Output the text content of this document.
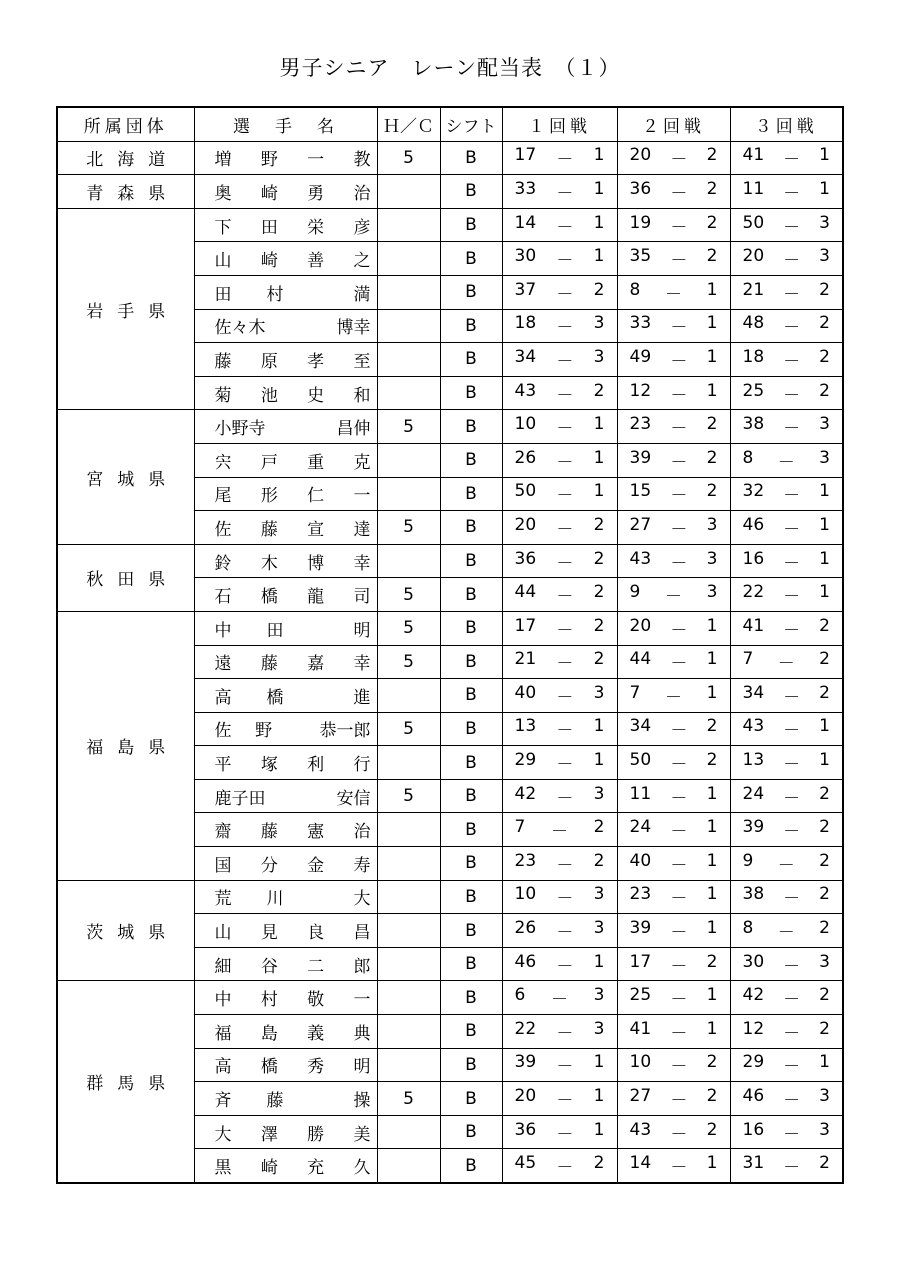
男子シニア　レーン配当表　（１）
所属団体	選　手　名	Ｈ／Ｃ	シフト	１回戦	２回戦	３回戦
北海道	増 野 一 教	5	B	17 － 1	20 － 2	41 － 1

青森県	奥 崎 勇 治		B	33 － 1	36 － 2	11 － 1

岩手県	下 田 栄 彦		B	14 － 1	19 － 2	50 － 3

	山 崎 善 之		B	30 － 1	35 － 2	20 － 3

	田 村 満		B	37 － 2	8 － 1	21 － 2

	佐々木 博幸		B	18 － 3	33 － 1	48 － 2

	藤 原 孝 至		B	34 － 3	49 － 1	18 － 2

	菊 池 史 和		B	43 － 2	12 － 1	25 － 2

宮城県	小野寺 昌伸	5	B	10 － 1	23 － 2	38 － 3

	宍 戸 重 克		B	26 － 1	39 － 2	8 － 3

	尾 形 仁 一		B	50 － 1	15 － 2	32 － 1

	佐 藤 宣 達	5	B	20 － 2	27 － 3	46 － 1

秋田県	鈴 木 博 幸		B	36 － 2	43 － 3	16 － 1

	石 橋 龍 司	5	B	44 － 2	9 － 3	22 － 1

福島県	中 田 明	5	B	17 － 2	20 － 1	41 － 2

	遠 藤 嘉 幸	5	B	21 － 2	44 － 1	7 － 2

	高 橋 進		B	40 － 3	7 － 1	34 － 2

	佐 野 恭一郎	5	B	13 － 1	34 － 2	43 － 1

	平 塚 利 行		B	29 － 1	50 － 2	13 － 1

	鹿子田 安信	5	B	42 － 3	11 － 1	24 － 2

	齋 藤 憲 治		B	7 － 2	24 － 1	39 － 2

	国 分 金 寿		B	23 － 2	40 － 1	9 － 2

茨城県	荒 川 大		B	10 － 3	23 － 1	38 － 2

	山 見 良 昌		B	26 － 3	39 － 1	8 － 2

	細 谷 二 郎		B	46 － 1	17 － 2	30 － 3

群馬県	中 村 敬 一		B	6 － 3	25 － 1	42 － 2

	福 島 義 典		B	22 － 3	41 － 1	12 － 2

	高 橋 秀 明		B	39 － 1	10 － 2	29 － 1

	斉 藤 操	5	B	20 － 1	27 － 2	46 － 3

	大 澤 勝 美		B	36 － 1	43 － 2	16 － 3

	黒 崎 充 久		B	45 － 2	14 － 1	31 － 2
